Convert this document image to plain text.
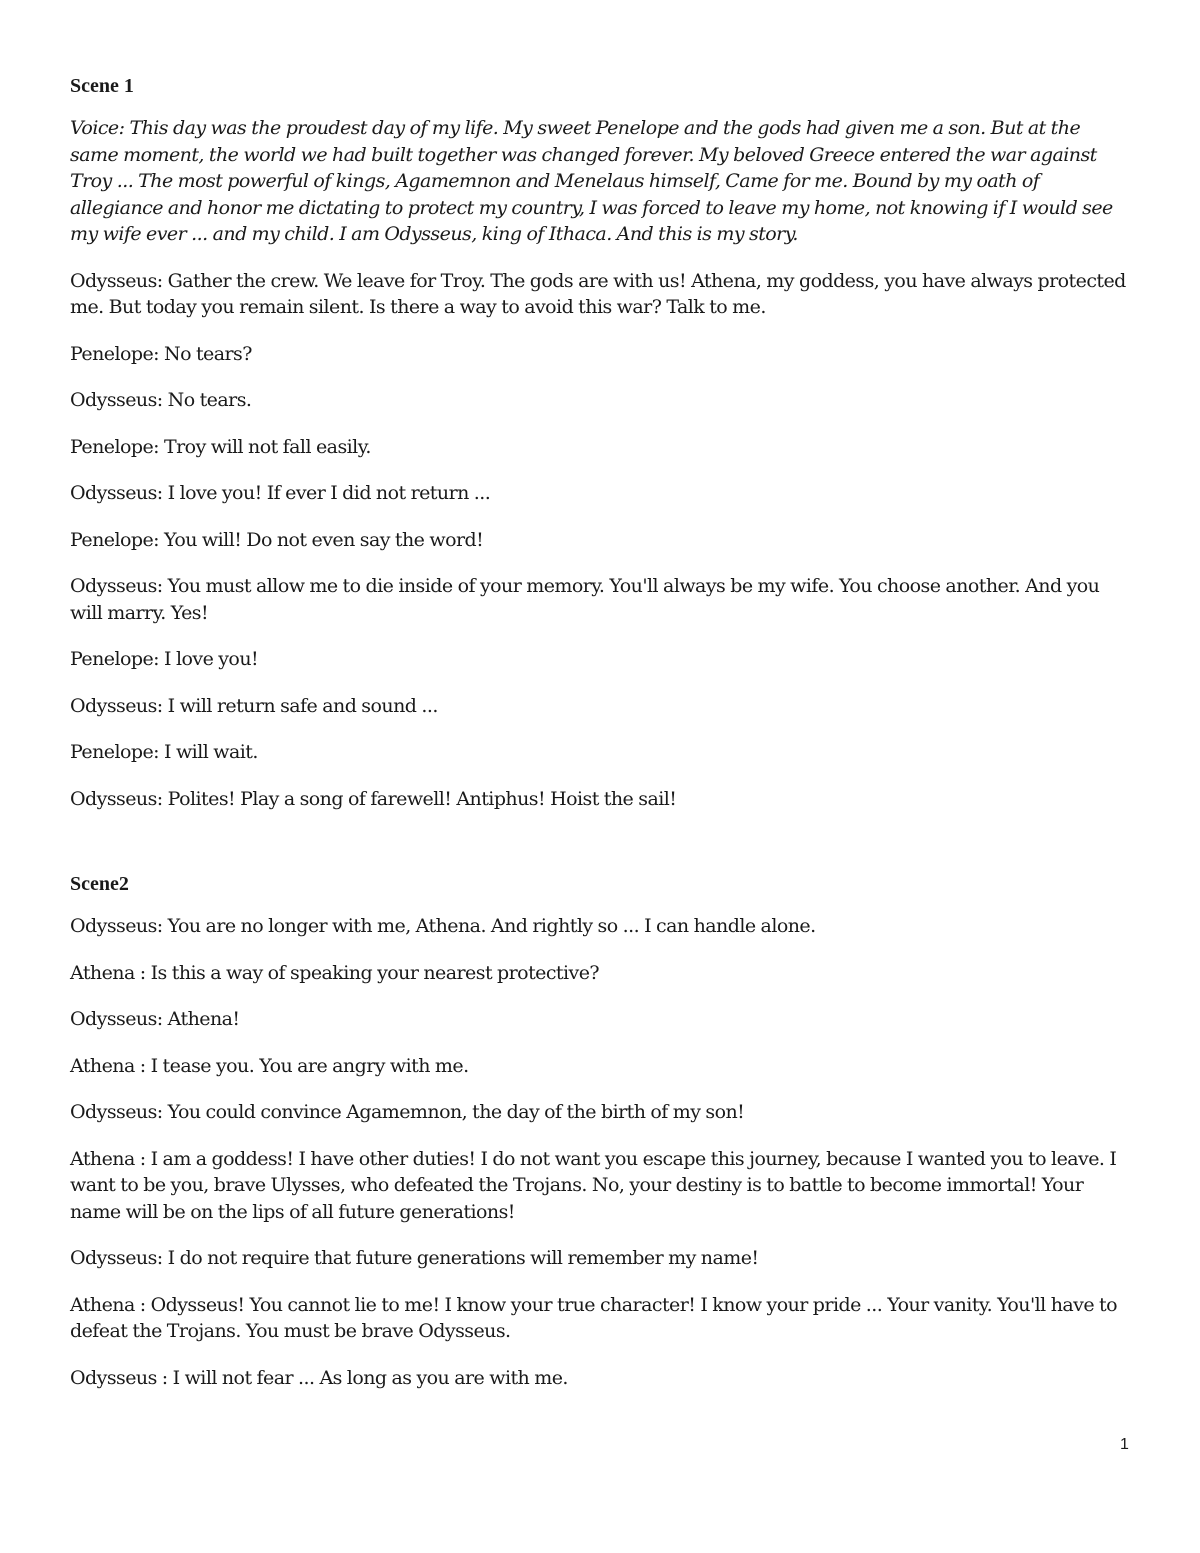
Scene 1

Voice: This day was the proudest day of my life. My sweet Penelope and the gods had given me a son. But at the same moment, the world we had built together was changed forever. My beloved Greece entered the war against Troy ... The most powerful of kings, Agamemnon and Menelaus himself, Came for me. Bound by my oath of allegiance and honor me dictating to protect my country, I was forced to leave my home, not knowing if I would see my wife ever ... and my child. I am Odysseus, king of Ithaca. And this is my story.

Odysseus: Gather the crew. We leave for Troy. The gods are with us! Athena, my goddess, you have always protected me. But today you remain silent. Is there a way to avoid this war? Talk to me.

Penelope: No tears?

Odysseus: No tears.

Penelope: Troy will not fall easily.

Odysseus: I love you! If ever I did not return ...

Penelope: You will! Do not even say the word!

Odysseus: You must allow me to die inside of your memory. You'll always be my wife. You choose another. And you will marry. Yes!

Penelope: I love you!

Odysseus: I will return safe and sound ...

Penelope: I will wait.

Odysseus: Polites! Play a song of farewell! Antiphus! Hoist the sail!

Scene2

Odysseus: You are no longer with me, Athena. And rightly so ... I can handle alone.

Athena : Is this a way of speaking your nearest protective?

Odysseus: Athena!

Athena : I tease you. You are angry with me.

Odysseus: You could convince Agamemnon, the day of the birth of my son!

Athena : I am a goddess! I have other duties! I do not want you escape this journey, because I wanted you to leave. I want to be you, brave Ulysses, who defeated the Trojans. No, your destiny is to battle to become immortal! Your name will be on the lips of all future generations!

Odysseus: I do not require that future generations will remember my name!

Athena : Odysseus! You cannot lie to me! I know your true character! I know your pride ... Your vanity. You'll have to defeat the Trojans. You must be brave Odysseus.

Odysseus : I will not fear ... As long as you are with me.

1
